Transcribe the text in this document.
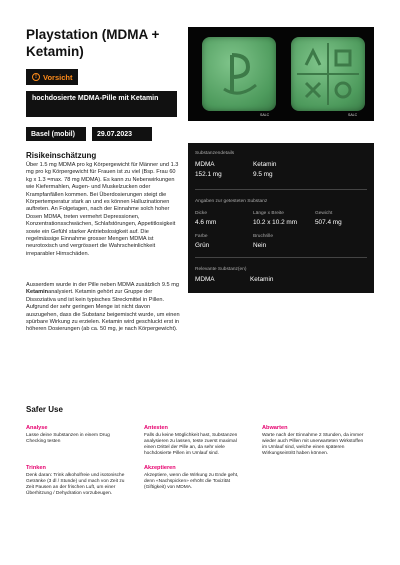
Playstation (MDMA + Ketamin)
! Vorsicht
hochdosierte MDMA-Pille mit Ketamin
Basel (mobil)	29.07.2023
SALC	SALC
Risikeinschätzung

Über 1.5 mg MDMA pro kg Körpergewicht für Männer und 1.3 mg pro kg Körpergewicht für Frauen ist zu viel (Bsp. Frau 60 kg x 1.3 =max. 78 mg MDMA). Es kann zu Nebenwirkungen wie Kiefermahlen, Augen- und Muskelzucken oder Krampfanfällen kommen. Bei Überdosierungen steigt die Körpertemperatur stark an und es können Halluzinationen auftreten. An Folgetagen, nach der Einnahme solch hoher Dosen MDMA, treten vermehrt Depressionen, Konzentrationsschwächen, Schlafstörungen, Appetitlosigkeit sowie ein Gefühl starker Antriebslosigkeit auf. Die regelmässige Einnahme grosser Mengen MDMA ist neurotoxisch und vergrössert die Wahrscheinlichkeit irreparabler Hirnschäden.

Ausserdem wurde in der Pille neben MDMA zusätzlich 9.5 mg Ketaminanalysiert. Ketamin gehört zur Gruppe der Dissoziativa und ist kein typisches Streckmittel in Pillen. Aufgrund der sehr geringen Menge ist nicht davon auszugehen, dass die Substanz beigemischt wurde, um einen spürbare Wirkung zu erzielen. Ketamin wird geschluckt erst in höheren Dosierungen (ab ca. 50 mg, je nach Körpergewicht).

Substanzendetails
MDMA	Ketamin
152.1 mg	9.5 mg
Angaben zur getesteten Substanz
Dicke	Länge x Breite	Gewicht
4.6 mm	10.2 x 10.2 mm	507.4 mg
Farbe	Bruchrille
Grün	Nein
Relevante Substanz(en)
MDMA	Ketamin
Safer Use
Analyse
Lasse deine Substanzen in einem Drug Checking testen
Antesten
Falls du keine Möglichkeit hast, Substanzen analysieren zu lassen, teste zuerst maximal einen Drittel der Pille an, da sehr viele hochdosierte Pillen im Umlauf sind.
Abwarten
Warte nach der Einnahme 2 Stunden, da immer wieder auch Pillen mit unerwarteten Wirkstoffen im Umlauf sind, welche einen späteren Wirkungseintritt haben können.
Trinken
Denk daran: Trink alkoholfreie und isotonische Getränke (3 dl / Stunde) und mach von Zeit zu Zeit Pausen an der frischen Luft, um einer Überhitzung / Dehydration vorzubeugen.
Akzeptieren
Akzeptiere, wenn die Wirkung zu Ende geht, denn «Nachspicken» erhöht die Toxizität (Giftigkeit) von MDMA.
